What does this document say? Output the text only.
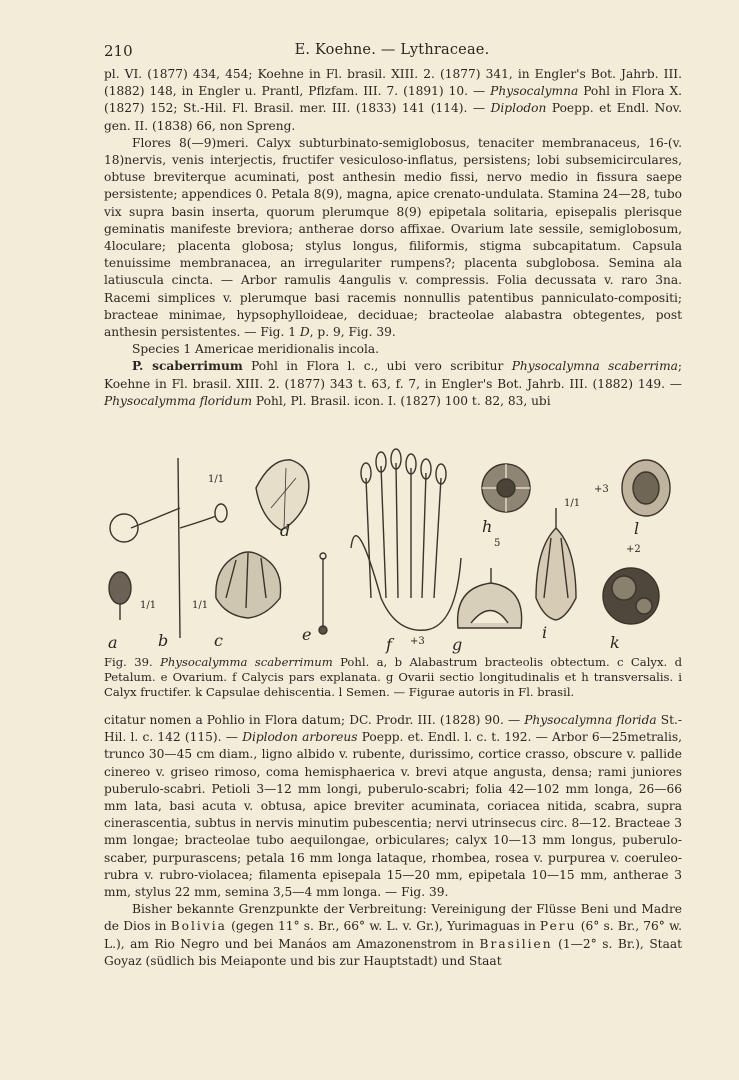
210	E. Koehne. — Lythraceae.

pl. VI. (1877) 434, 454; Koehne in Fl. brasil. XIII. 2. (1877) 341, in Engler's Bot. Jahrb. III. (1882) 148, in Engler u. Prantl, Pflzfam. III. 7. (1891) 10. — Physocalymna Pohl in Flora X. (1827) 152; St.-Hil. Fl. Brasil. mer. III. (1833) 141 (114). — Diplodon Poepp. et Endl. Nov. gen. II. (1838) 66, non Spreng.

Flores 8(—9)meri. Calyx subturbinato-semiglobosus, tenaciter membranaceus, 16-(v. 18)nervis, venis interjectis, fructifer vesiculoso-inflatus, persistens; lobi subsemicirculares, obtuse breviterque acuminati, post anthesin medio fissi, nervo medio in fissura saepe persistente; appendices 0. Petala 8(9), magna, apice crenato-undulata. Stamina 24—28, tubo vix supra basin inserta, quorum plerumque 8(9) epipetala solitaria, episepalis plerisque geminatis manifeste breviora; antherae dorso affixae. Ovarium late sessile, semiglobosum, 4loculare; placenta globosa; stylus longus, filiformis, stigma subcapitatum. Capsula tenuissime membranacea, an irregulariter rumpens?; placenta subglobosa. Semina ala latiuscula cincta. — Arbor ramulis 4angulis v. compressis. Folia decussata v. raro 3na. Racemi simplices v. plerumque basi racemis nonnullis patentibus panniculato-compositi; bracteae minimae, hypsophylloideae, deciduae; bracteolae alabastra obtegentes, post anthesin persistentes. — Fig. 1 D, p. 9, Fig. 39.

Species 1 Americae meridionalis incola.

P. scaberrimum Pohl in Flora l. c., ubi vero scribitur Physocalymna scaberrima; Koehne in Fl. brasil. XIII. 2. (1877) 343 t. 63, f. 7, in Engler's Bot. Jahrb. III. (1882) 149. — Physocalymma floridum Pohl, Pl. Brasil. icon. I. (1827) 100 t. 82, 83, ubi

a	b	c
d
e
f	g
h
i
k
l
1/1
1/1	1/1
1/1
+3
+3
5
+2

Fig. 39. Physocalymma scaberrimum Pohl. a, b Alabastrum bracteolis obtectum. c Calyx. d Petalum. e Ovarium. f Calycis pars explanata. g Ovarii sectio longitudinalis et h transversalis. i Calyx fructifer. k Capsulae dehiscentia. l Semen. — Figurae autoris in Fl. brasil.

citatur nomen a Pohlio in Flora datum; DC. Prodr. III. (1828) 90. — Physocalymna florida St.-Hil. l. c. 142 (115). — Diplodon arboreus Poepp. et. Endl. l. c. t. 192. — Arbor 6—25metralis, trunco 30—45 cm diam., ligno albido v. rubente, durissimo, cortice crasso, obscure v. pallide cinereo v. griseo rimoso, coma hemisphaerica v. brevi atque angusta, densa; rami juniores puberulo-scabri. Petioli 3—12 mm longi, puberulo-scabri; folia 42—102 mm longa, 26—66 mm lata, basi acuta v. obtusa, apice breviter acuminata, coriacea nitida, scabra, supra cinerascentia, subtus in nervis minutim pubescentia; nervi utrinsecus circ. 8—12. Bracteae 3 mm longae; bracteolae tubo aequilongae, orbiculares; calyx 10—13 mm longus, puberulo-scaber, purpurascens; petala 16 mm longa lataque, rhombea, rosea v. purpurea v. coeruleo-rubra v. rubro-violacea; filamenta episepala 15—20 mm, epipetala 10—15 mm, antherae 3 mm, stylus 22 mm, semina 3,5—4 mm longa. — Fig. 39.

Bisher bekannte Grenzpunkte der Verbreitung: Vereinigung der Flüsse Beni und Madre de Dios in Bolivia (gegen 11° s. Br., 66° w. L. v. Gr.), Yurimaguas in Peru (6° s. Br., 76° w. L.), am Rio Negro und bei Manáos am Amazonenstrom in Brasilien (1—2° s. Br.), Staat Goyaz (südlich bis Meiaponte und bis zur Hauptstadt) und Staat
